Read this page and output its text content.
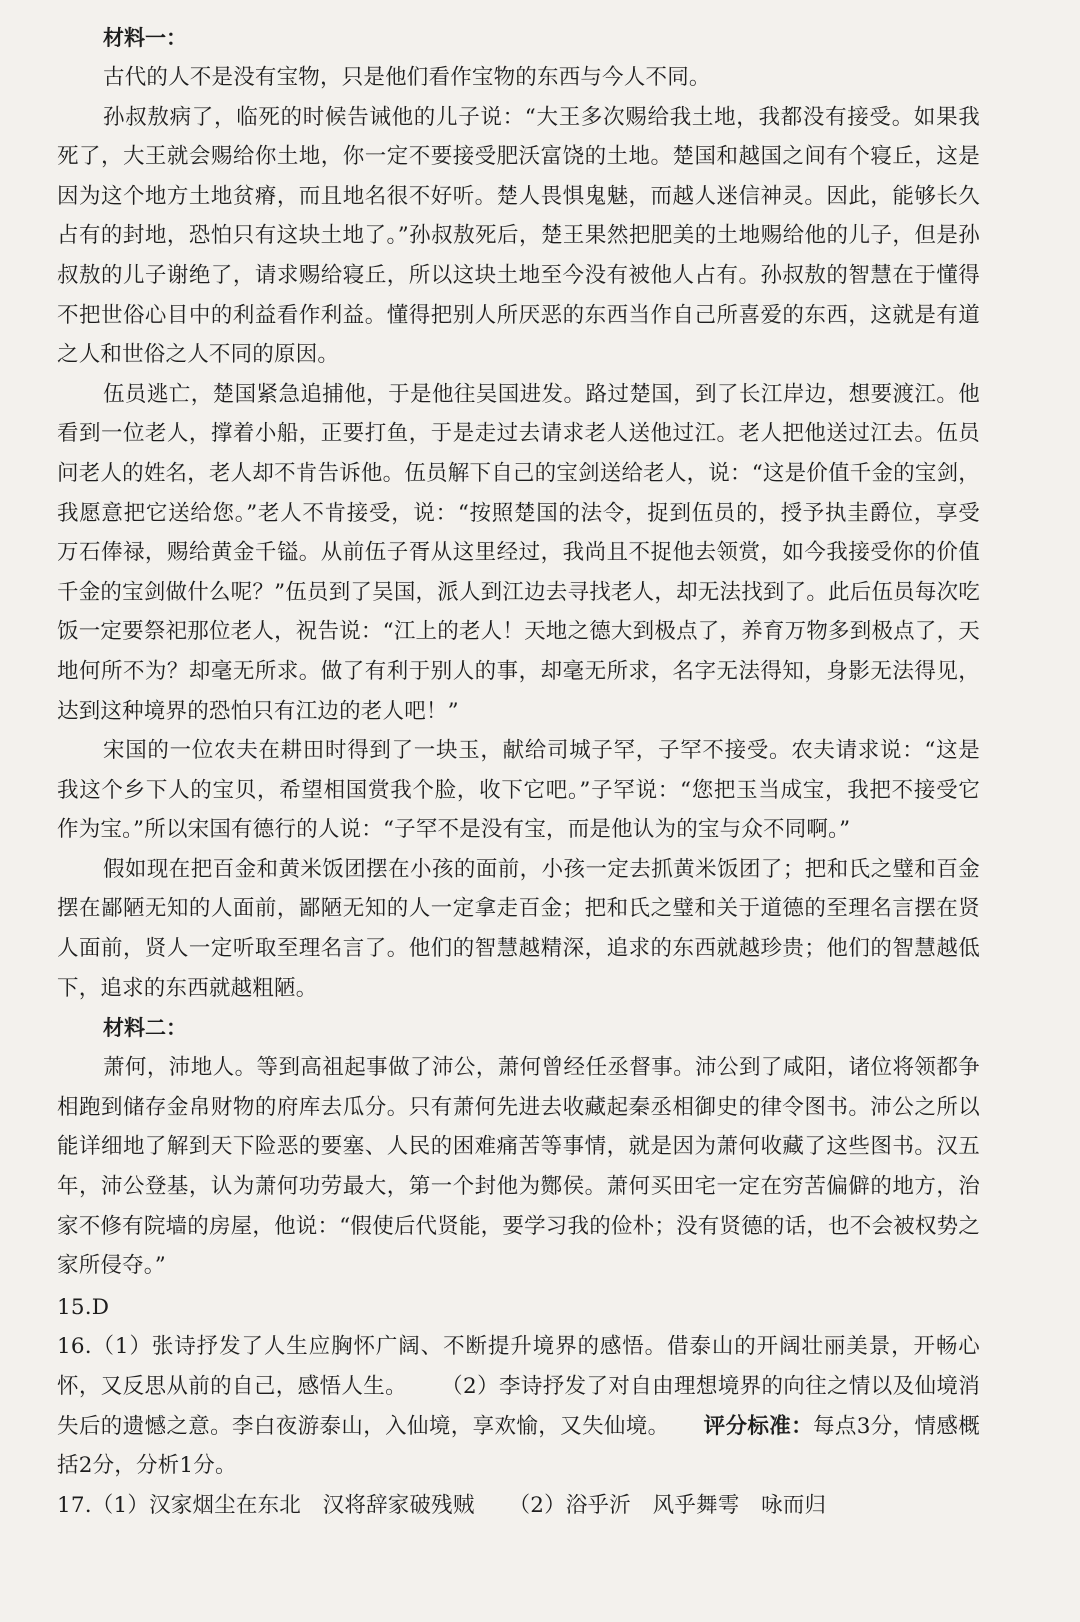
材料一：

古代的人不是没有宝物，只是他们看作宝物的东西与今人不同。

孙叔敖病了，临死的时候告诫他的儿子说：“大王多次赐给我土地，我都没有接受。如果我死了，大王就会赐给你土地，你一定不要接受肥沃富饶的土地。楚国和越国之间有个寝丘，这是因为这个地方土地贫瘠，而且地名很不好听。楚人畏惧鬼魅，而越人迷信神灵。因此，能够长久占有的封地，恐怕只有这块土地了。”孙叔敖死后，楚王果然把肥美的土地赐给他的儿子，但是孙叔敖的儿子谢绝了，请求赐给寝丘，所以这块土地至今没有被他人占有。孙叔敖的智慧在于懂得不把世俗心目中的利益看作利益。懂得把别人所厌恶的东西当作自己所喜爱的东西，这就是有道之人和世俗之人不同的原因。

伍员逃亡，楚国紧急追捕他，于是他往吴国进发。路过楚国，到了长江岸边，想要渡江。他看到一位老人，撑着小船，正要打鱼，于是走过去请求老人送他过江。老人把他送过江去。伍员问老人的姓名，老人却不肯告诉他。伍员解下自己的宝剑送给老人，说：“这是价值千金的宝剑，我愿意把它送给您。”老人不肯接受，说：“按照楚国的法令，捉到伍员的，授予执圭爵位，享受万石俸禄，赐给黄金千镒。从前伍子胥从这里经过，我尚且不捉他去领赏，如今我接受你的价值千金的宝剑做什么呢？”伍员到了吴国，派人到江边去寻找老人，却无法找到了。此后伍员每次吃饭一定要祭祀那位老人，祝告说：“江上的老人！天地之德大到极点了，养育万物多到极点了，天地何所不为？却毫无所求。做了有利于别人的事，却毫无所求，名字无法得知，身影无法得见，达到这种境界的恐怕只有江边的老人吧！”

宋国的一位农夫在耕田时得到了一块玉，献给司城子罕，子罕不接受。农夫请求说：“这是我这个乡下人的宝贝，希望相国赏我个脸，收下它吧。”子罕说：“您把玉当成宝，我把不接受它作为宝。”所以宋国有德行的人说：“子罕不是没有宝，而是他认为的宝与众不同啊。”

假如现在把百金和黄米饭团摆在小孩的面前，小孩一定去抓黄米饭团了；把和氏之璧和百金摆在鄙陋无知的人面前，鄙陋无知的人一定拿走百金；把和氏之璧和关于道德的至理名言摆在贤人面前，贤人一定听取至理名言了。他们的智慧越精深，追求的东西就越珍贵；他们的智慧越低下，追求的东西就越粗陋。

材料二：

萧何，沛地人。等到高祖起事做了沛公，萧何曾经任丞督事。沛公到了咸阳，诸位将领都争相跑到储存金帛财物的府库去瓜分。只有萧何先进去收藏起秦丞相御史的律令图书。沛公之所以能详细地了解到天下险恶的要塞、人民的困难痛苦等事情，就是因为萧何收藏了这些图书。汉五年，沛公登基，认为萧何功劳最大，第一个封他为酂侯。萧何买田宅一定在穷苦偏僻的地方，治家不修有院墙的房屋，他说：“假使后代贤能，要学习我的俭朴；没有贤德的话，也不会被权势之家所侵夺。”

15.D

16.（1）张诗抒发了人生应胸怀广阔、不断提升境界的感悟。借泰山的开阔壮丽美景，开畅心怀，又反思从前的自己，感悟人生。 （2）李诗抒发了对自由理想境界的向往之情以及仙境消失后的遗憾之意。李白夜游泰山，入仙境，享欢愉，又失仙境。 评分标准：每点3分，情感概括2分，分析1分。

17.（1）汉家烟尘在东北　汉将辞家破残贼 （2）浴乎沂　风乎舞雩　咏而归
